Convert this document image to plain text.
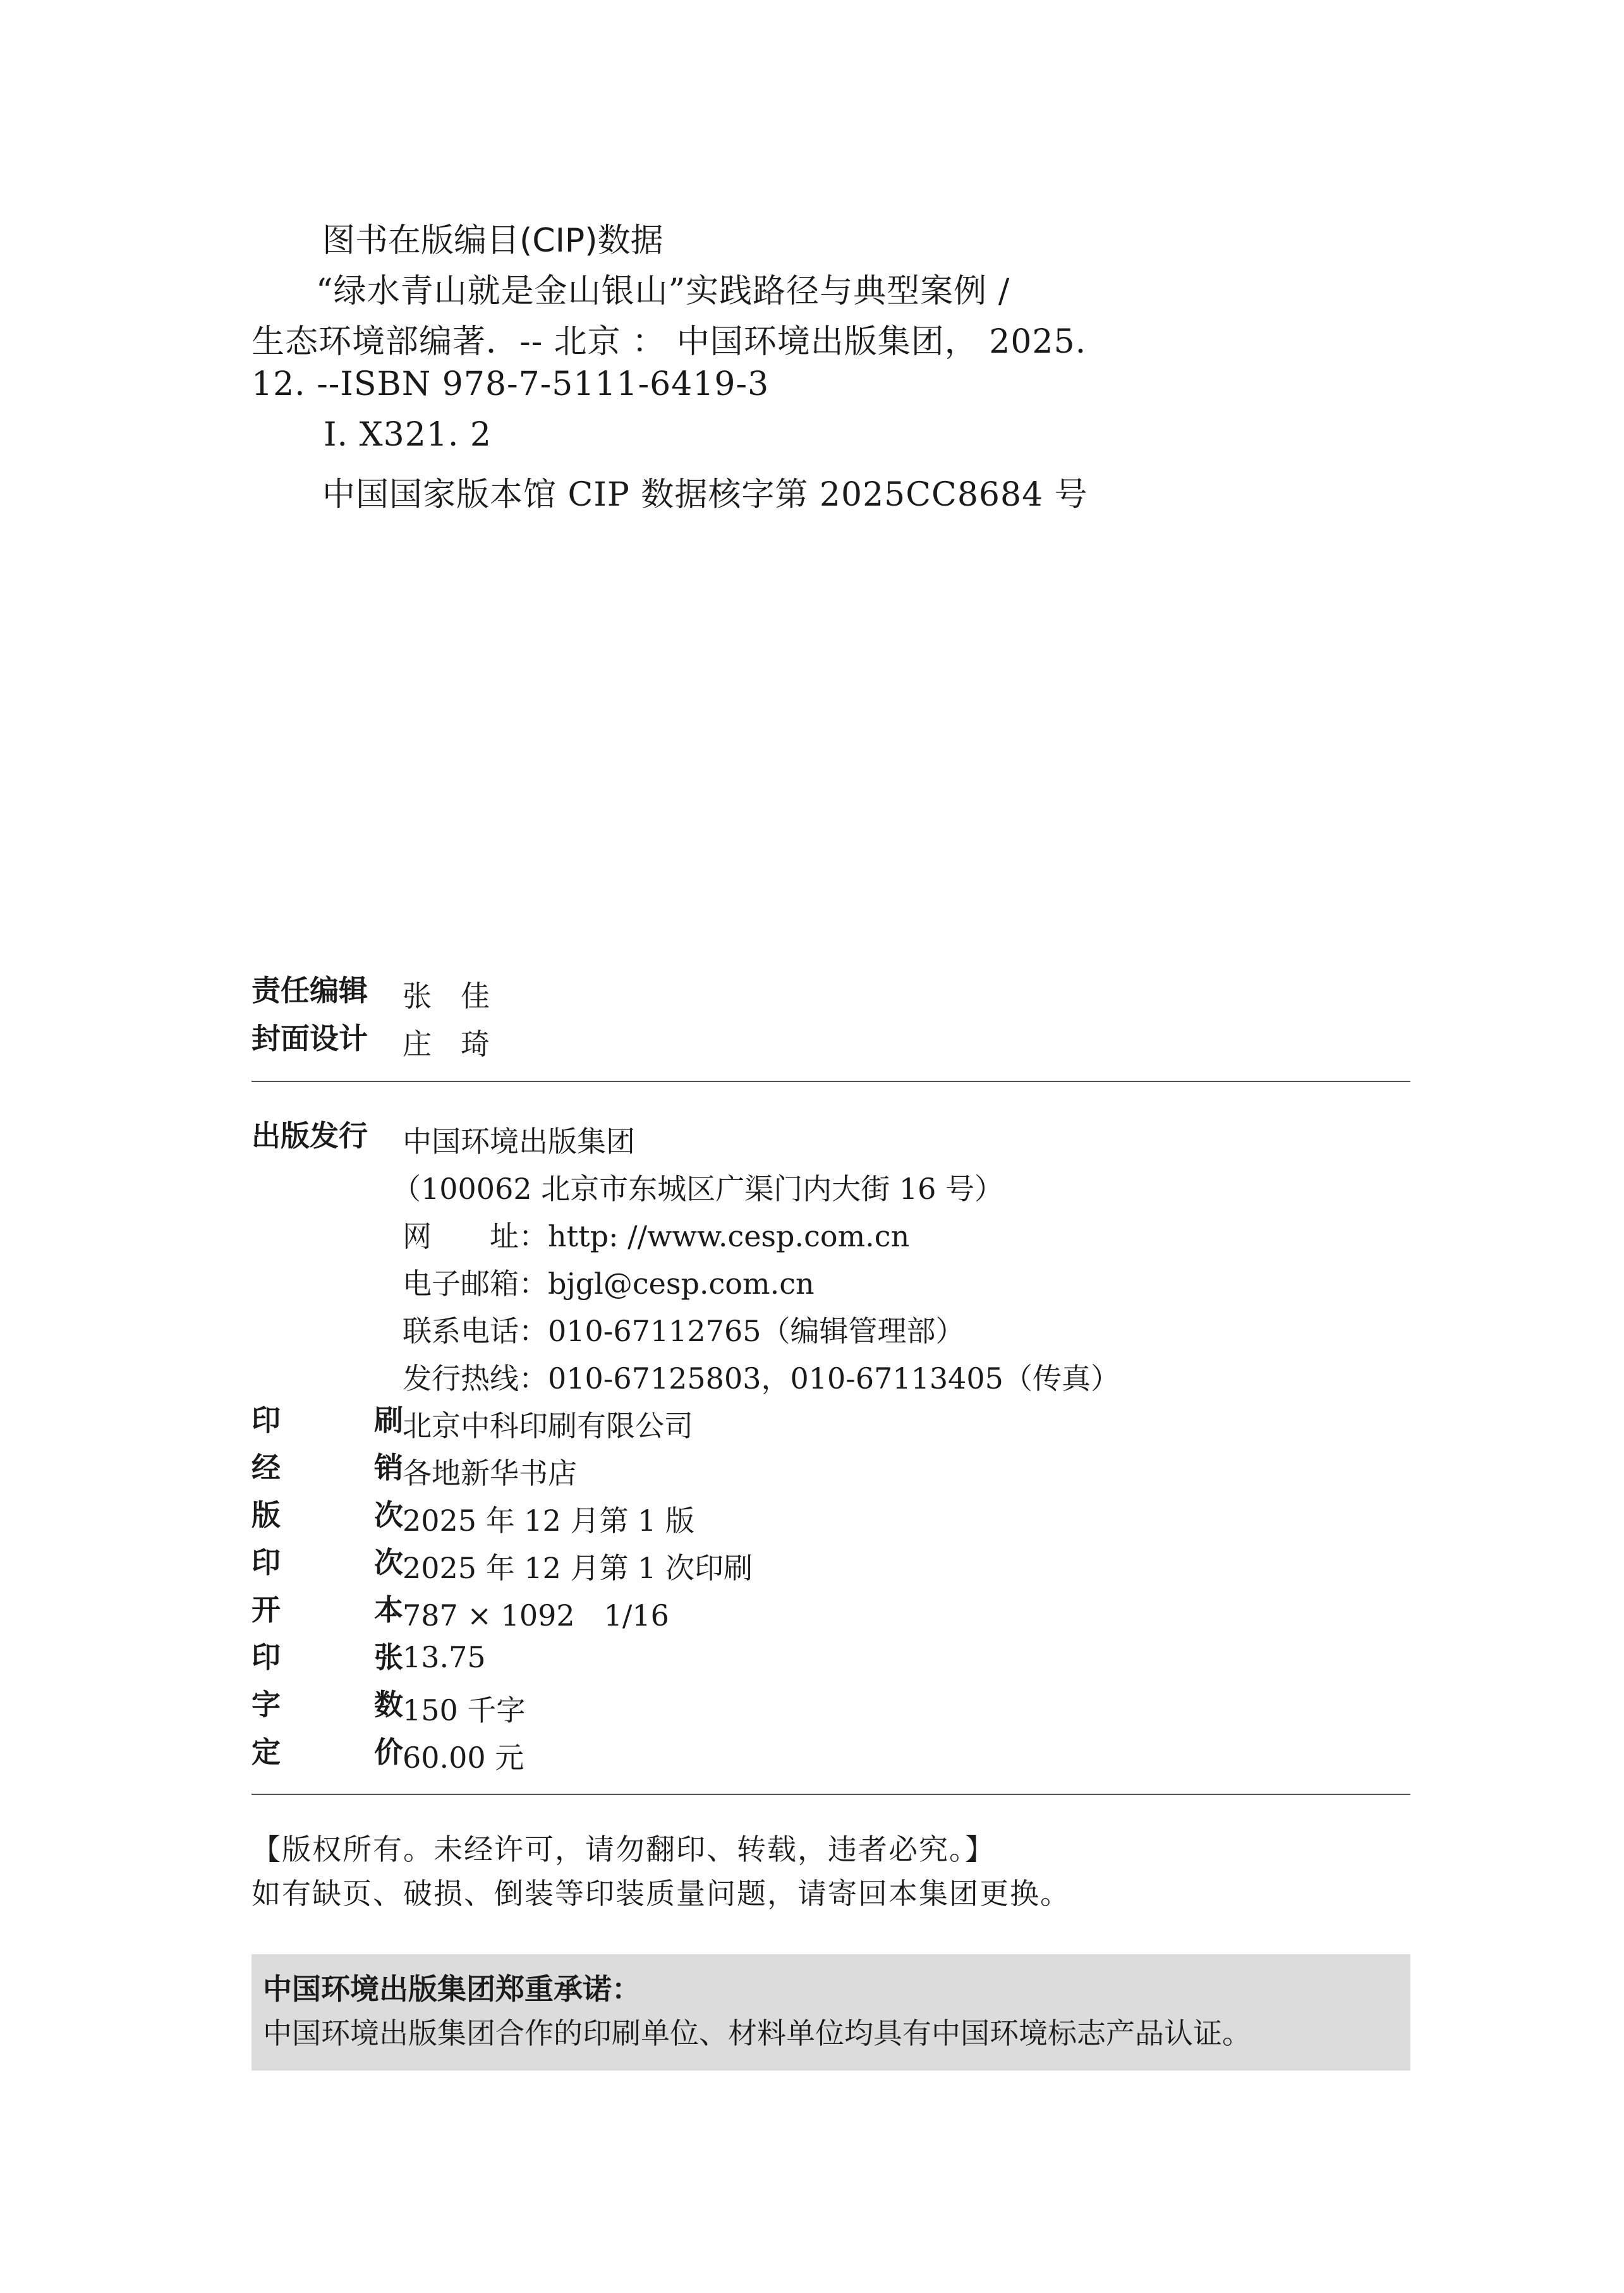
图书在版编目(CIP)数据
“绿水青山就是金山银山”实践路径与典型案例 /
生态环境部编著．-- 北京 ： 中国环境出版集团， 2025.
12. --ISBN 978-7-5111-6419-3
Ⅰ. X321. 2
中国国家版本馆 CIP 数据核字第 2025CC8684 号
责任编辑	张　佳
封面设计	庄　琦
出版发行	中国环境出版集团
（100062 北京市东城区广渠门内大街 16 号）
网　　址：http: //www.cesp.com.cn
电子邮箱：bjgl@cesp.com.cn
联系电话：010-67112765（编辑管理部）
发行热线：010-67125803，010-67113405（传真）
印	刷 北京中科印刷有限公司
经	销 各地新华书店
版	次 2025 年 12 月第 1 版
印	次 2025 年 12 月第 1 次印刷
开	本 787 × 1092　1/16
印	张 13.75
字	数 150 千字
定	价 60.00 元
【版权所有。未经许可，请勿翻印、转载，违者必究。】
如有缺页、破损、倒装等印装质量问题，请寄回本集团更换。
中国环境出版集团郑重承诺：
中国环境出版集团合作的印刷单位、材料单位均具有中国环境标志产品认证。
